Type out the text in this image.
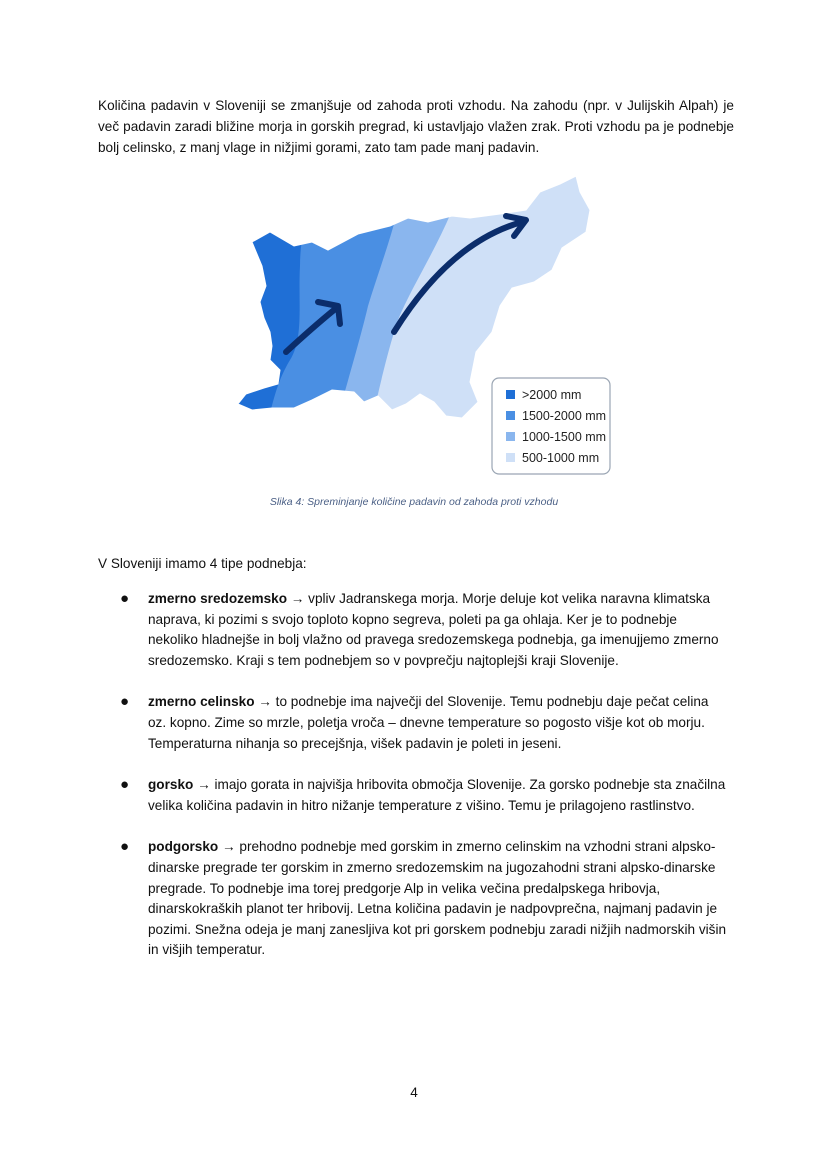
Količina padavin v Sloveniji se zmanjšuje od zahoda proti vzhodu. Na zahodu (npr. v Julijskih Alpah) je več padavin zaradi bližine morja in gorskih pregrad, ki ustavljajo vlažen zrak. Proti vzhodu pa je podnebje bolj celinsko, z manj vlage in nižjimi gorami, zato tam pade manj padavin.

>2000 mm
1500-2000 mm
1000-1500 mm
500-1000 mm

Slika 4: Spreminjanje količine padavin od zahoda proti vzhodu

V Sloveniji imamo 4 tipe podnebja:

● zmerno sredozemsko → vpliv Jadranskega morja. Morje deluje kot velika naravna klimatska naprava, ki pozimi s svojo toploto kopno segreva, poleti pa ga ohlaja. Ker je to podnebje nekoliko hladnejše in bolj vlažno od pravega sredozemskega podnebja, ga imenujjemo zmerno sredozemsko. Kraji s tem podnebjem so v povprečju najtoplejši kraji Slovenije.
● zmerno celinsko → to podnebje ima največji del Slovenije. Temu podnebju daje pečat celina oz. kopno. Zime so mrzle, poletja vroča – dnevne temperature so pogosto višje kot ob morju. Temperaturna nihanja so precejšnja, višek padavin je poleti in jeseni.
● gorsko → imajo gorata in najvišja hribovita območja Slovenije. Za gorsko podnebje sta značilna velika količina padavin in hitro nižanje temperature z višino. Temu je prilagojeno rastlinstvo.
● podgorsko → prehodno podnebje med gorskim in zmerno celinskim na vzhodni strani alpsko-dinarske pregrade ter gorskim in zmerno sredozemskim na jugozahodni strani alpsko-dinarske pregrade. To podnebje ima torej predgorje Alp in velika večina predalpskega hribovja, dinarskokraških planot ter hribovij. Letna količina padavin je nadpovprečna, najmanj padavin je pozimi. Snežna odeja je manj zanesljiva kot pri gorskem podnebju zaradi nižjih nadmorskih višin in višjih temperatur.

4
